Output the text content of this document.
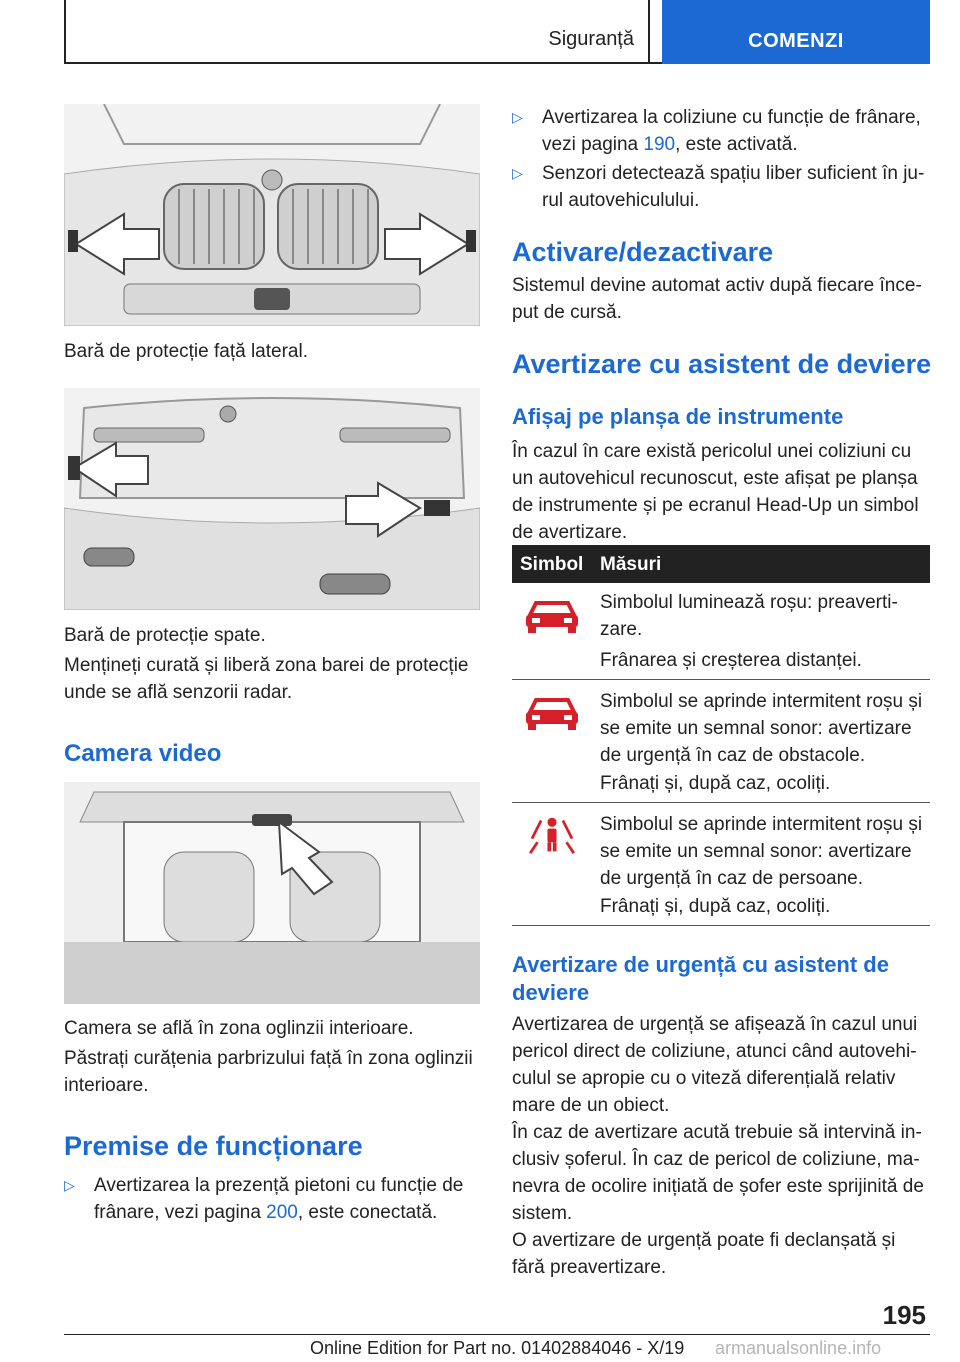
Siguranță	COMENZI
Bară de protecție față lateral.
Bară de protecție spate.
Mențineți curată și liberă zona barei de protecție unde se află senzorii radar.
Camera video
Camera se află în zona oglinzii interioare.
Păstrați curățenia parbrizului față în zona oglinzii interioare.
Premise de funcționare
▷ Avertizarea la prezență pietoni cu funcție de frânare, vezi pagina 200, este conectată.
▷ Avertizarea la coliziune cu funcție de frânare, vezi pagina 190, este activată.
▷ Senzori detectează spațiu liber suficient în jurul autovehiculului.
Activare/dezactivare
Sistemul devine automat activ după fiecare început de cursă.
Avertizare cu asistent de deviere
Afișaj pe planșa de instrumente
În cazul în care există pericolul unei coliziuni cu un autovehicul recunoscut, este afișat pe planșa de instrumente și pe ecranul Head-Up un simbol de avertizare.
Simbol Măsuri
Simbolul luminează roșu: preavertizare.
Frânarea și creșterea distanței.
Simbolul se aprinde intermitent roșu și se emite un semnal sonor: avertizare de urgență în caz de obstacole.
Frânați și, după caz, ocoliți.
Simbolul se aprinde intermitent roșu și se emite un semnal sonor: avertizare de urgență în caz de persoane.
Frânați și, după caz, ocoliți.
Avertizare de urgență cu asistent de deviere
Avertizarea de urgență se afișează în cazul unui pericol direct de coliziune, atunci când autovehiculul se apropie cu o viteză diferențială relativ mare de un obiect.
În caz de avertizare acută trebuie să intervină inclusiv șoferul. În caz de pericol de coliziune, manevra de ocolire inițiată de șofer este sprijinită de sistem.
O avertizare de urgență poate fi declanșată și fără preavertizare.
195
Online Edition for Part no. 01402884046 - X/19 armanualsonline.info
